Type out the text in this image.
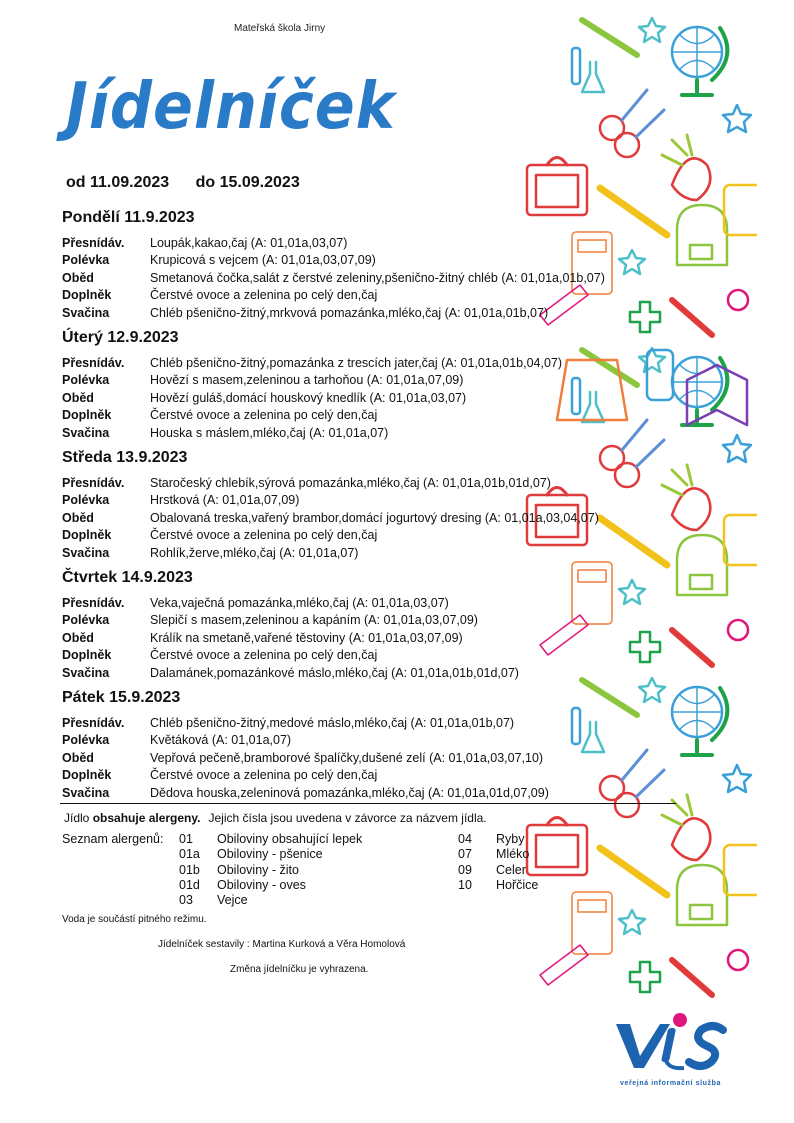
Mateřská škola Jirny
Jídelníček
od 11.09.2023 do 15.09.2023
Pondělí 11.9.2023
Přesnídáv.	Loupák,kakao,čaj (A: 01,01a,03,07)
Polévka	Krupicová s vejcem (A: 01,01a,03,07,09)
Oběd	Smetanová čočka,salát z čerstvé zeleniny,pšeničnо-žitný chléb (A: 01,01a,01b,07)
Doplněk	Čerstvé ovoce a zelenina po celý den,čaj
Svačina	Chléb pšenično-žitný,mrkvová pomazánka,mléko,čaj (A: 01,01a,01b,07)
Úterý 12.9.2023
Přesnídáv.	Chléb pšenično-žitný,pomazánka z trescích jater,čaj (A: 01,01a,01b,04,07)
Polévka	Hovězí s masem,zeleninou a tarhoňou (A: 01,01a,07,09)
Oběd	Hovězí guláš,domácí houskový knedlík (A: 01,01a,03,07)
Doplněk	Čerstvé ovoce a zelenina po celý den,čaj
Svačina	Houska s máslem,mléko,čaj (A: 01,01a,07)
Středa 13.9.2023
Přesnídáv.	Staročeský chlebík,sýrová pomazánka,mléko,čaj (A: 01,01a,01b,01d,07)
Polévka	Hrstková (A: 01,01a,07,09)
Oběd	Obalovaná treska,vařený brambor,domácí jogurtový dresing (A: 01,01a,03,04,07)
Doplněk	Čerstvé ovoce a zelenina po celý den,čaj
Svačina	Rohlík,žerve,mléko,čaj (A: 01,01a,07)
Čtvrtek 14.9.2023
Přesnídáv.	Veka,vaječná pomazánka,mléko,čaj (A: 01,01a,03,07)
Polévka	Slepičí s masem,zeleninou a kapáním (A: 01,01a,03,07,09)
Oběd	Králík na smetaně,vařené těstoviny (A: 01,01a,03,07,09)
Doplněk	Čerstvé ovoce a zelenina po celý den,čaj
Svačina	Dalamánek,pomazánkové máslo,mléko,čaj (A: 01,01a,01b,01d,07)
Pátek 15.9.2023
Přesnídáv.	Chléb pšenično-žitný,medové máslo,mléko,čaj (A: 01,01a,01b,07)
Polévka	Květáková (A: 01,01a,07)
Oběd	Vepřová pečeně,bramborové špalíčky,dušené zelí (A: 01,01a,03,07,10)
Doplněk	Čerstvé ovoce a zelenina po celý den,čaj
Svačina	Dědova houska,zeleninová pomazánka,mléko,čaj (A: 01,01a,01d,07,09)
Jídlo obsahuje alergeny. Jejich čísla jsou uvedena v závorce za názvem jídla.
Seznam alergenů: 01 Obiloviny obsahující lepek
01a Obiloviny - pšenice
01b Obiloviny - žito
01d Obiloviny - oves
03 Vejce
04 Ryby
07 Mléko
09 Celer
10 Hořčice
Voda je součástí pitného režimu.
Jídelníček sestavily : Martina Kurková a Věra Homolová
Změna jídelníčku je vyhrazena.
veřejná informační služba
